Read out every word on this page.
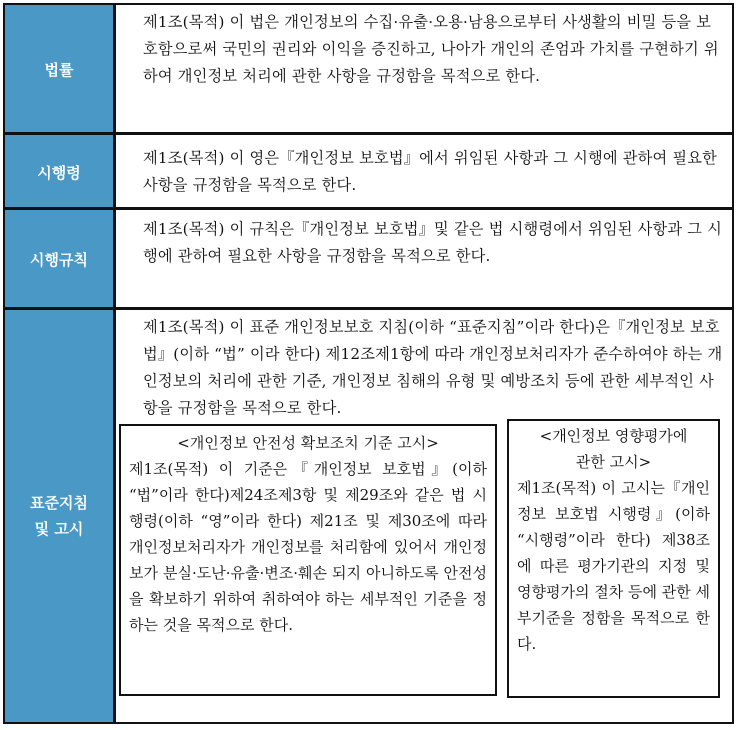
법률

제1조(목적) 이 법은 개인정보의 수집·유출·오용·남용으로부터 사생활의 비밀 등을 보호함으로써 국민의 권리와 이익을 증진하고, 나아가 개인의 존엄과 가치를 구현하기 위하여 개인정보 처리에 관한 사항을 규정함을 목적으로 한다.

시행령

제1조(목적) 이 영은『개인정보 보호법』에서 위임된 사항과 그 시행에 관하여 필요한 사항을 규정함을 목적으로 한다.

시행규칙

제1조(목적) 이 규칙은『개인정보 보호법』및 같은 법 시행령에서 위임된 사항과 그 시행에 관하여 필요한 사항을 규정함을 목적으로 한다.

표준지침
및 고시

제1조(목적) 이 표준 개인정보보호 지침(이하 “표준지침”이라 한다)은『개인정보 보호법』(이하 “법” 이라 한다) 제12조제1항에 따라 개인정보처리자가 준수하여야 하는 개인정보의 처리에 관한 기준, 개인정보 침해의 유형 및 예방조치 등에 관한 세부적인 사항을 규정함을 목적으로 한다.

<개인정보 안전성 확보조치 기준 고시>
제1조(목적) 이 기준은『개인정보 보호법』(이하 “법”이라 한다)제24조제3항 및 제29조와 같은 법 시행령(이하 “영”이라 한다) 제21조 및 제30조에 따라 개인정보처리자가 개인정보를 처리함에 있어서 개인정보가 분실·도난·유출·변조·훼손 되지 아니하도록 안전성을 확보하기 위하여 취하여야 하는 세부적인 기준을 정하는 것을 목적으로 한다.
<개인정보 영향평가에
관한 고시>
제1조(목적) 이 고시는『개인정보 보호법 시행령』(이하 “시행령”이라 한다) 제38조에 따른 평가기관의 지정 및 영향평가의 절차 등에 관한 세부기준을 정함을 목적으로 한다.
